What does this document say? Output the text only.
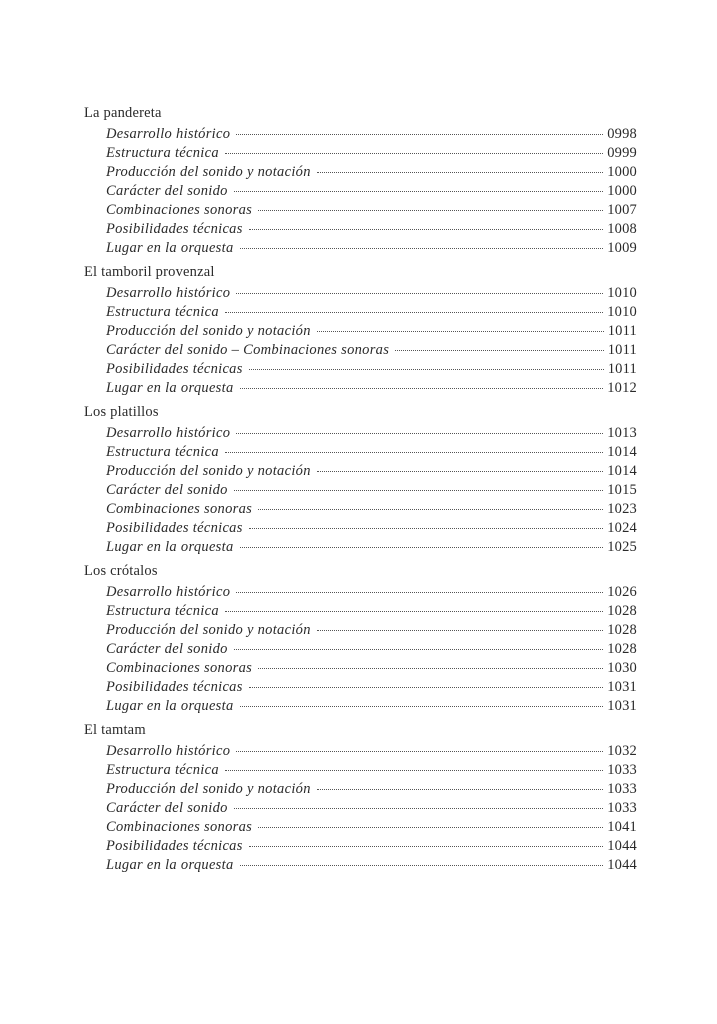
La pandereta
Desarrollo histórico	0998
Estructura técnica	0999
Producción del sonido y notación	1000
Carácter del sonido	1000
Combinaciones sonoras	1007
Posibilidades técnicas	1008
Lugar en la orquesta	1009
El tamboril provenzal
Desarrollo histórico	1010
Estructura técnica	1010
Producción del sonido y notación	1011
Carácter del sonido – Combinaciones sonoras	1011
Posibilidades técnicas	1011
Lugar en la orquesta	1012
Los platillos
Desarrollo histórico	1013
Estructura técnica	1014
Producción del sonido y notación	1014
Carácter del sonido	1015
Combinaciones sonoras	1023
Posibilidades técnicas	1024
Lugar en la orquesta	1025
Los crótalos
Desarrollo histórico	1026
Estructura técnica	1028
Producción del sonido y notación	1028
Carácter del sonido	1028
Combinaciones sonoras	1030
Posibilidades técnicas	1031
Lugar en la orquesta	1031
El tamtam
Desarrollo histórico	1032
Estructura técnica	1033
Producción del sonido y notación	1033
Carácter del sonido	1033
Combinaciones sonoras	1041
Posibilidades técnicas	1044
Lugar en la orquesta	1044
